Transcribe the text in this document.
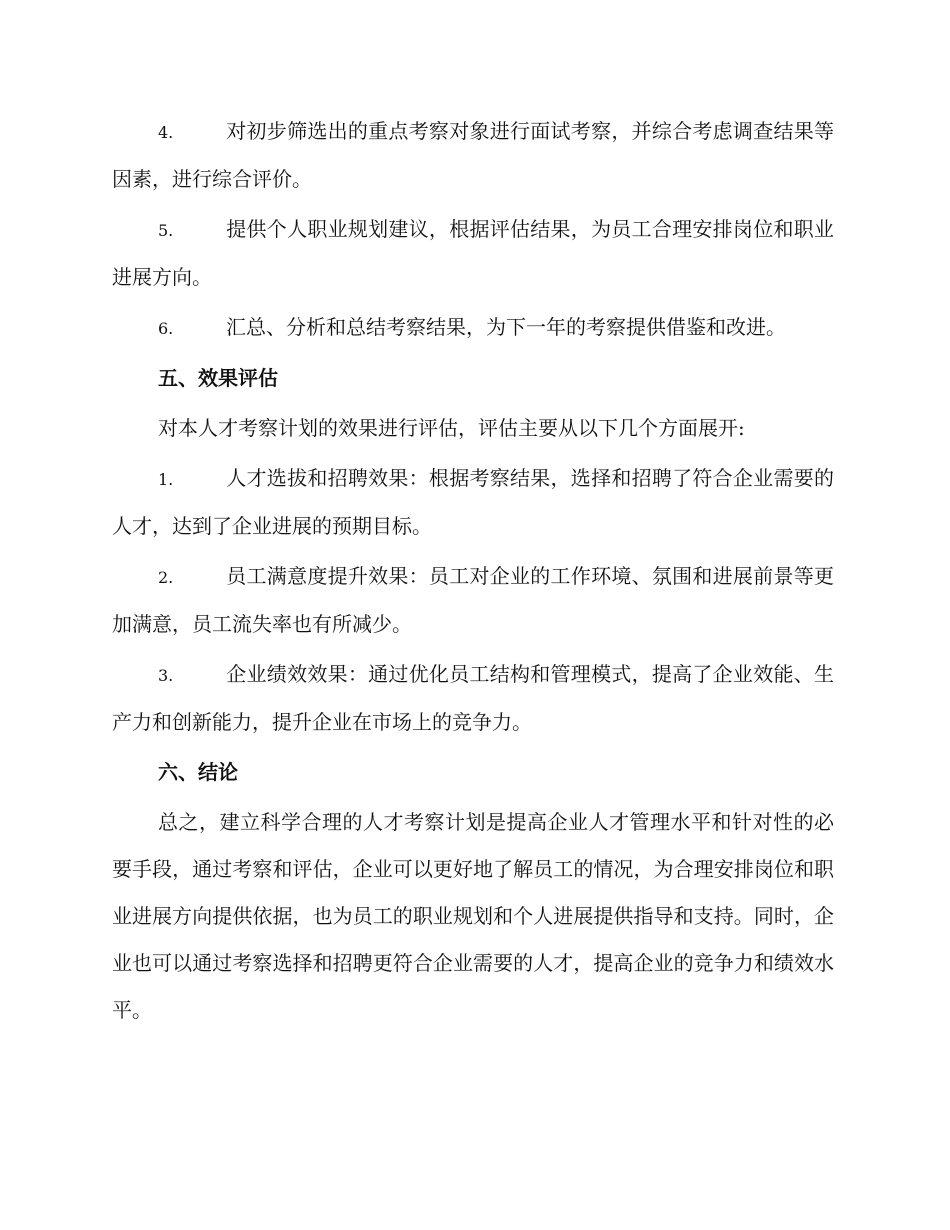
4.	对初步筛选出的重点考察对象进行面试考察，并综合考虑调查结果等因素，进行综合评价。

5.	提供个人职业规划建议，根据评估结果，为员工合理安排岗位和职业进展方向。

6.	汇总、分析和总结考察结果，为下一年的考察提供借鉴和改进。

五、效果评估

对本人才考察计划的效果进行评估，评估主要从以下几个方面展开:

1.	人才选拔和招聘效果：根据考察结果，选择和招聘了符合企业需要的人才，达到了企业进展的预期目标。

2.	员工满意度提升效果：员工对企业的工作环境、氛围和进展前景等更加满意，员工流失率也有所减少。

3.	企业绩效效果：通过优化员工结构和管理模式，提高了企业效能、生产力和创新能力，提升企业在市场上的竞争力。

六、结论

总之，建立科学合理的人才考察计划是提高企业人才管理水平和针对性的必要手段，通过考察和评估，企业可以更好地了解员工的情况，为合理安排岗位和职业进展方向提供依据，也为员工的职业规划和个人进展提供指导和支持。同时，企业也可以通过考察选择和招聘更符合企业需要的人才，提高企业的竞争力和绩效水平。
